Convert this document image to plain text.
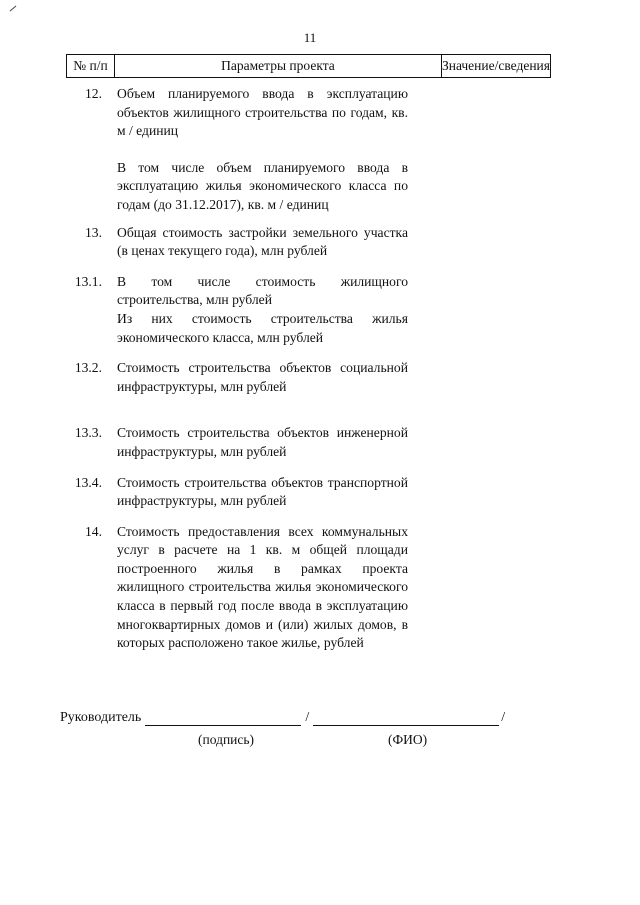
11
№ п/п	Параметры проекта	Значение/сведения
12. Объем планируемого ввода в эксплуатацию объектов жилищного строительства по годам, кв. м / единиц

В том числе объем планируемого ввода в эксплуатацию жилья экономического класса по годам (до 31.12.2017), кв. м / единиц

13. Общая стоимость застройки земельного участка (в ценах текущего года), млн рублей

13.1. В том числе стоимость жилищного строительства, млн рублей

Из них стоимость строительства жилья экономического класса, млн рублей

13.2. Стоимость строительства объектов социальной инфраструктуры, млн рублей

13.3. Стоимость строительства объектов инженерной инфраструктуры, млн рублей

13.4. Стоимость строительства объектов транспортной инфраструктуры, млн рублей

14. Стоимость предоставления всех коммунальных услуг в расчете на 1 кв. м общей площади построенного жилья в рамках проекта жилищного строительства жилья экономического класса в первый год после ввода в эксплуатацию многоквартирных домов и (или) жилых домов, в которых расположено такое жилье, рублей

Руководитель	/	/
(подпись)	(ФИО)
